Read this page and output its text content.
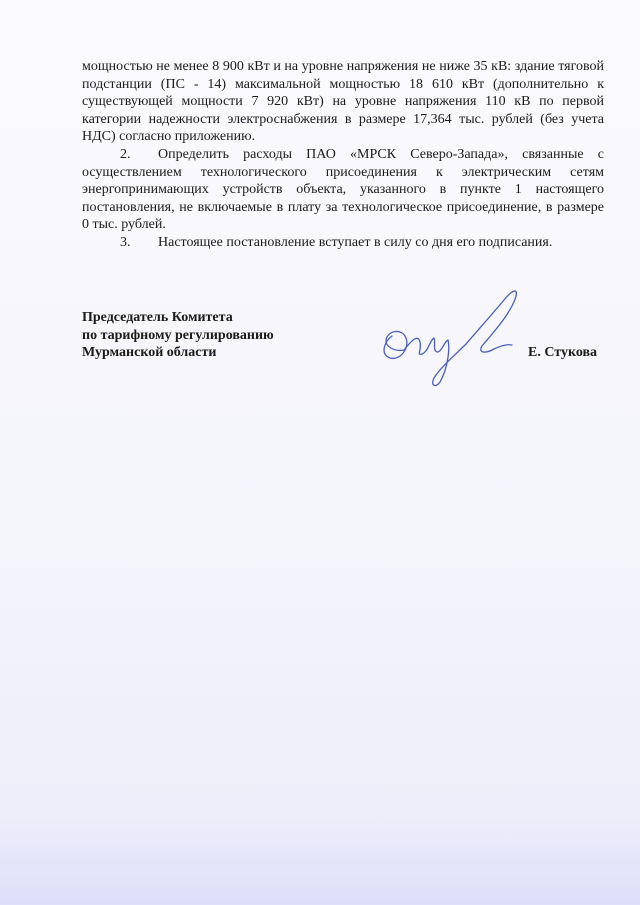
мощностью не менее 8 900 кВт и на уровне напряжения не ниже 35 кВ: здание тяговой подстанции (ПС - 14) максимальной мощностью 18 610 кВт (дополнительно к существующей мощности 7 920 кВт) на уровне напряжения 110 кВ по первой категории надежности электроснабжения в размере 17,364 тыс. рублей (без учета НДС) согласно приложению.

2. Определить расходы ПАО «МРСК Северо-Запада», связанные с осуществлением технологического присоединения к электрическим сетям энергопринимающих устройств объекта, указанного в пункте 1 настоящего постановления, не включаемые в плату за технологическое присоединение, в размере 0 тыс. рублей.

3. Настоящее постановление вступает в силу со дня его подписания.

Председатель Комитета
по тарифному регулированию
Мурманской области	Е. Стукова
